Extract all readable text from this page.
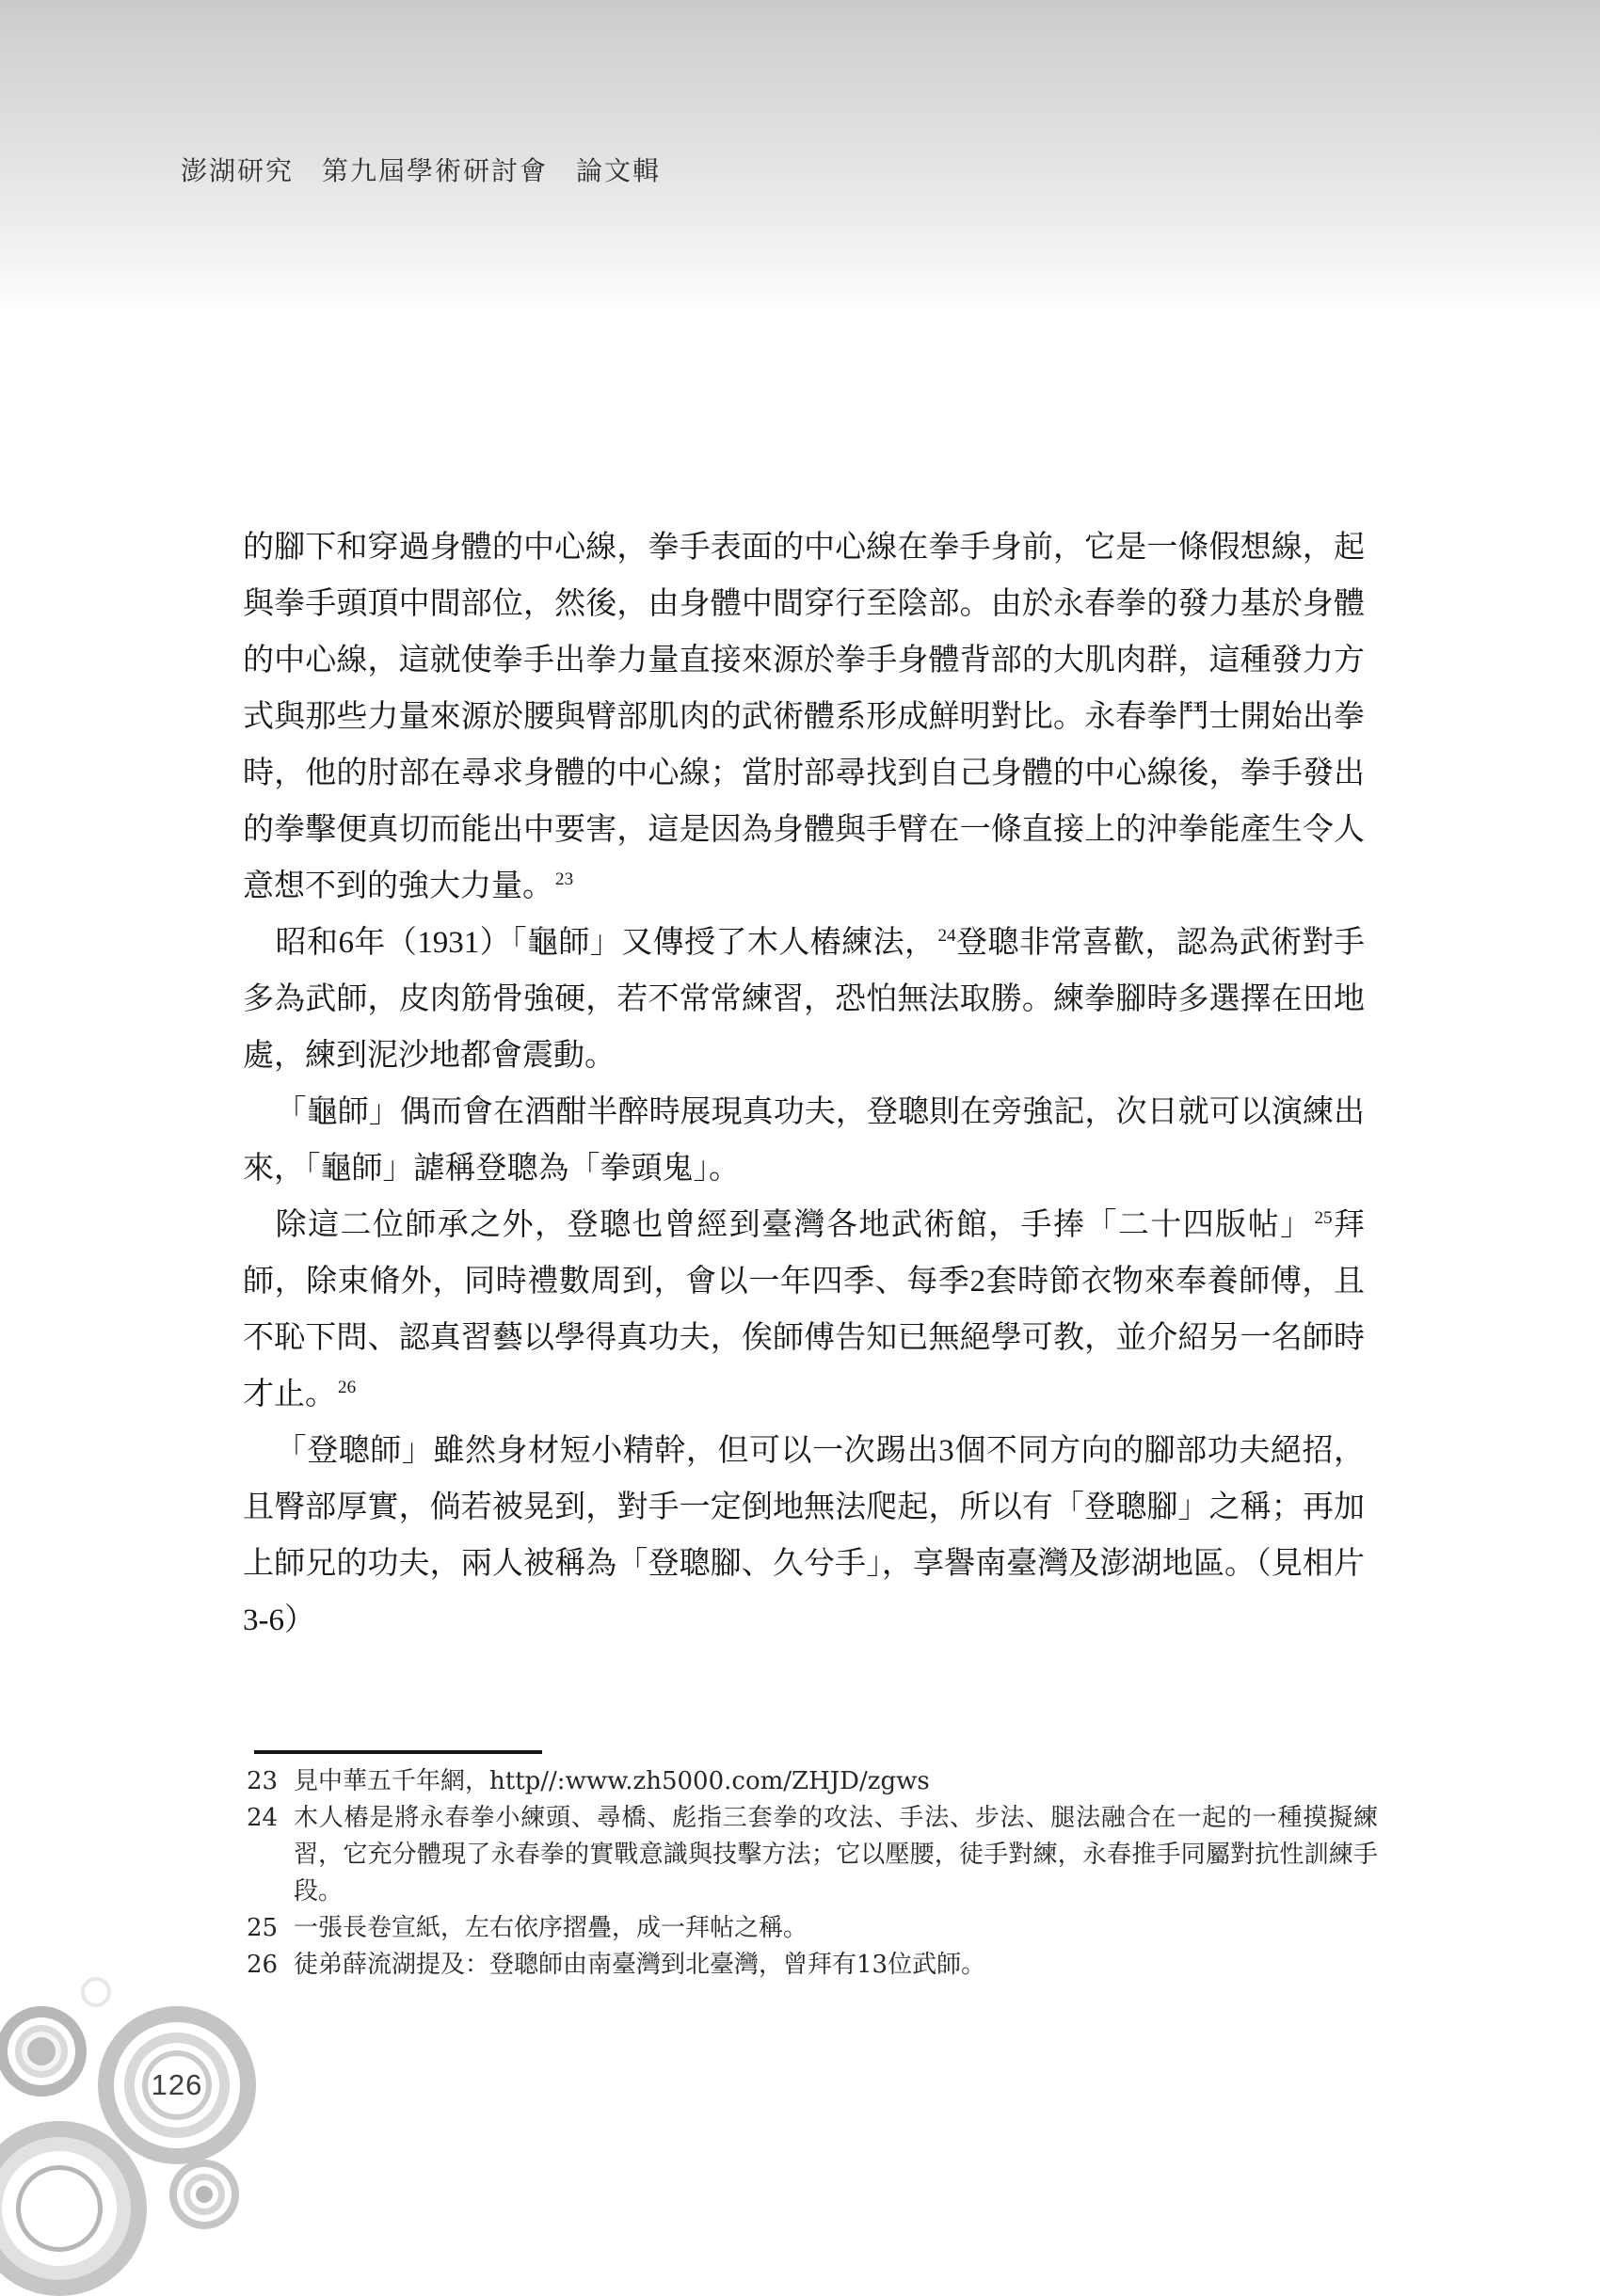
澎湖研究　第九屆學術研討會　論文輯

的腳下和穿過身體的中心線，拳手表面的中心線在拳手身前，它是一條假想線，起與拳手頭頂中間部位，然後，由身體中間穿行至陰部。由於永春拳的發力基於身體的中心線，這就使拳手出拳力量直接來源於拳手身體背部的大肌肉群，這種發力方式與那些力量來源於腰與臂部肌肉的武術體系形成鮮明對比。永春拳鬥士開始出拳時，他的肘部在尋求身體的中心線；當肘部尋找到自己身體的中心線後，拳手發出的拳擊便真切而能出中要害，這是因為身體與手臂在一條直接上的沖拳能產生令人意想不到的強大力量。 $^{23}$

昭和6年（1931）「龜師」又傳授了木人樁練法， $^{24}$登聰非常喜歡，認為武術對手多為武師，皮肉筋骨強硬，若不常常練習，恐怕無法取勝。練拳腳時多選擇在田地處，練到泥沙地都會震動。

「龜師」偶而會在酒酣半醉時展現真功夫，登聰則在旁強記，次日就可以演練出來，「龜師」謔稱登聰為「拳頭鬼」。

除這二位師承之外，登聰也曾經到臺灣各地武術館，手捧「二十四版帖」 $^{25}$拜師，除束脩外，同時禮數周到，會以一年四季、每季2套時節衣物來奉養師傅，且不恥下問、認真習藝以學得真功夫，俟師傅告知已無絕學可教，並介紹另一名師時才止。 $^{26}$

「登聰師」雖然身材短小精幹，但可以一次踢出3個不同方向的腳部功夫絕招，且臀部厚實，倘若被晃到，對手一定倒地無法爬起，所以有「登聰腳」之稱；再加上師兄的功夫，兩人被稱為「登聰腳、久兮手」，享譽南臺灣及澎湖地區。（見相片3-6）

23 見中華五千年網，http//:www.zh5000.com/ZHJD/zgws
24 木人樁是將永春拳小練頭、尋橋、彪指三套拳的攻法、手法、步法、腿法融合在一起的一種摸擬練習，它充分體現了永春拳的實戰意識與技擊方法；它以壓腰，徒手對練，永春推手同屬對抗性訓練手段。
25 一張長卷宣紙，左右依序摺疊，成一拜帖之稱。
26 徒弟薛流湖提及：登聰師由南臺灣到北臺灣，曾拜有13位武師。
126
